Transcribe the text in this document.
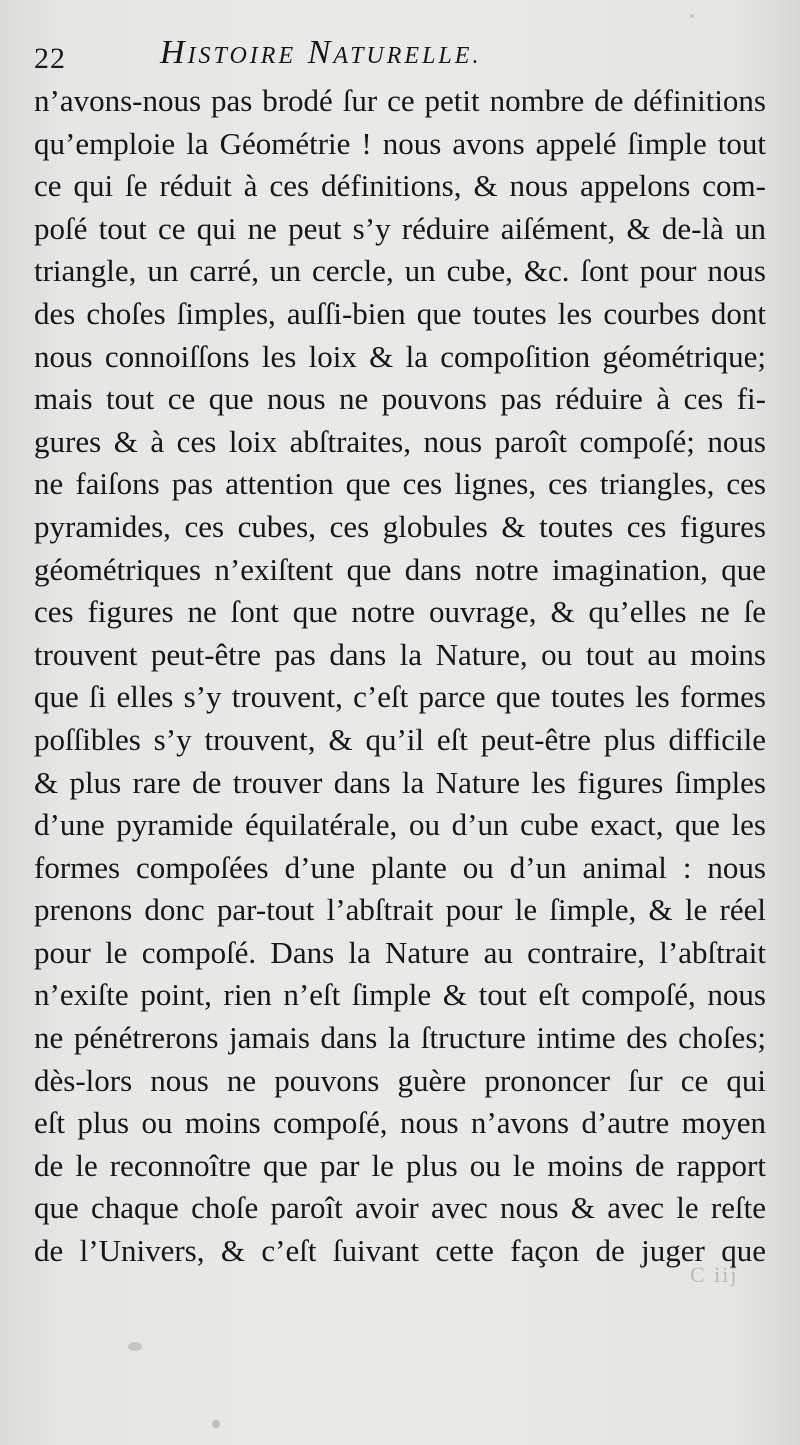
22	HISTOIRE NATURELLE.
n’avons-nous pas brodé ſur ce petit nombre de définitions
qu’emploie la Géométrie ! nous avons appelé ſimple tout
ce qui ſe réduit à ces définitions, & nous appelons com-
poſé tout ce qui ne peut s’y réduire aiſément, & de-là un
triangle, un carré, un cercle, un cube, &c. ſont pour nous
des choſes ſimples, auſſi-bien que toutes les courbes dont
nous connoiſſons les loix & la compoſition géométrique;
mais tout ce que nous ne pouvons pas réduire à ces fi-
gures & à ces loix abſtraites, nous paroît compoſé; nous
ne faiſons pas attention que ces lignes, ces triangles, ces
pyramides, ces cubes, ces globules & toutes ces figures
géométriques n’exiſtent que dans notre imagination, que
ces figures ne ſont que notre ouvrage, & qu’elles ne ſe
trouvent peut-être pas dans la Nature, ou tout au moins
que ſi elles s’y trouvent, c’eſt parce que toutes les formes
poſſibles s’y trouvent, & qu’il eſt peut-être plus difficile
& plus rare de trouver dans la Nature les figures ſimples
d’une pyramide équilatérale, ou d’un cube exact, que les
formes compoſées d’une plante ou d’un animal : nous
prenons donc par-tout l’abſtrait pour le ſimple, & le réel
pour le compoſé. Dans la Nature au contraire, l’abſtrait
n’exiſte point, rien n’eſt ſimple & tout eſt compoſé, nous
ne pénétrerons jamais dans la ſtructure intime des choſes;
dès-lors nous ne pouvons guère prononcer ſur ce qui
eſt plus ou moins compoſé, nous n’avons d’autre moyen
de le reconnoître que par le plus ou le moins de rapport
que chaque choſe paroît avoir avec nous & avec le reſte
de l’Univers, & c’eſt ſuivant cette façon de juger que
C iij
